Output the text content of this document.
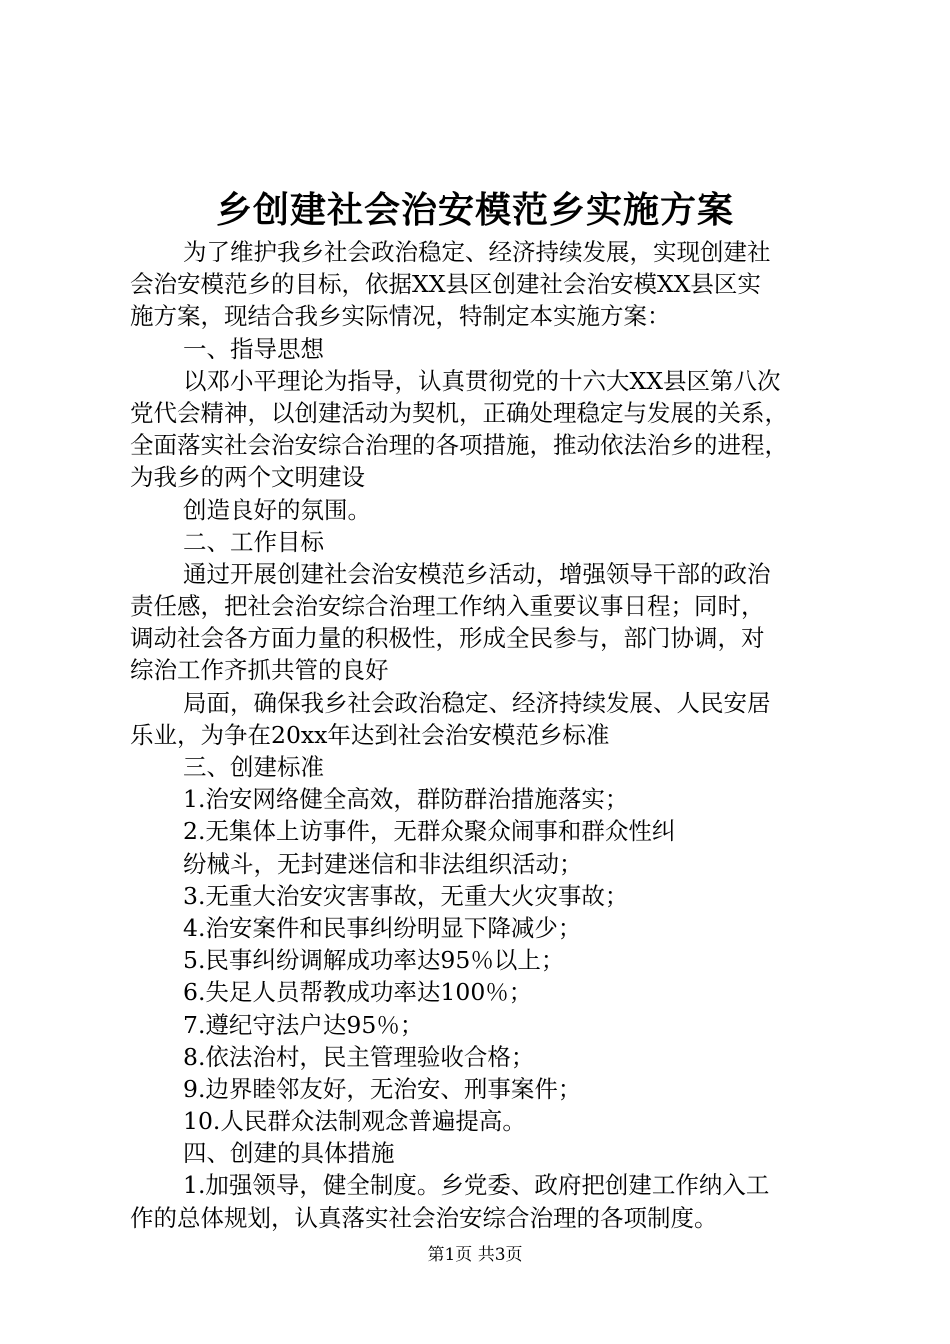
乡创建社会治安模范乡实施方案
为了维护我乡社会政治稳定、经济持续发展，实现创建社
会治安模范乡的目标，依据XX县区创建社会治安模XX县区实
施方案，现结合我乡实际情况，特制定本实施方案：
一、指导思想
以邓小平理论为指导，认真贯彻党的十六大XX县区第八次
党代会精神，以创建活动为契机，正确处理稳定与发展的关系，
全面落实社会治安综合治理的各项措施，推动依法治乡的进程，
为我乡的两个文明建设
创造良好的氛围。
二、工作目标
通过开展创建社会治安模范乡活动，增强领导干部的政治
责任感，把社会治安综合治理工作纳入重要议事日程；同时，
调动社会各方面力量的积极性，形成全民参与，部门协调，对
综治工作齐抓共管的良好
局面，确保我乡社会政治稳定、经济持续发展、人民安居
乐业，为争在20xx年达到社会治安模范乡标准
三、创建标准
1.治安网络健全高效，群防群治措施落实；
2.无集体上访事件，无群众聚众闹事和群众性纠
纷械斗，无封建迷信和非法组织活动；
3.无重大治安灾害事故，无重大火灾事故；
4.治安案件和民事纠纷明显下降减少；
5.民事纠纷调解成功率达95％以上；
6.失足人员帮教成功率达100％；
7.遵纪守法户达95％；
8.依法治村，民主管理验收合格；
9.边界睦邻友好，无治安、刑事案件；
10.人民群众法制观念普遍提高。
四、创建的具体措施
1.加强领导，健全制度。乡党委、政府把创建工作纳入工
作的总体规划，认真落实社会治安综合治理的各项制度。
第1页 共3页
